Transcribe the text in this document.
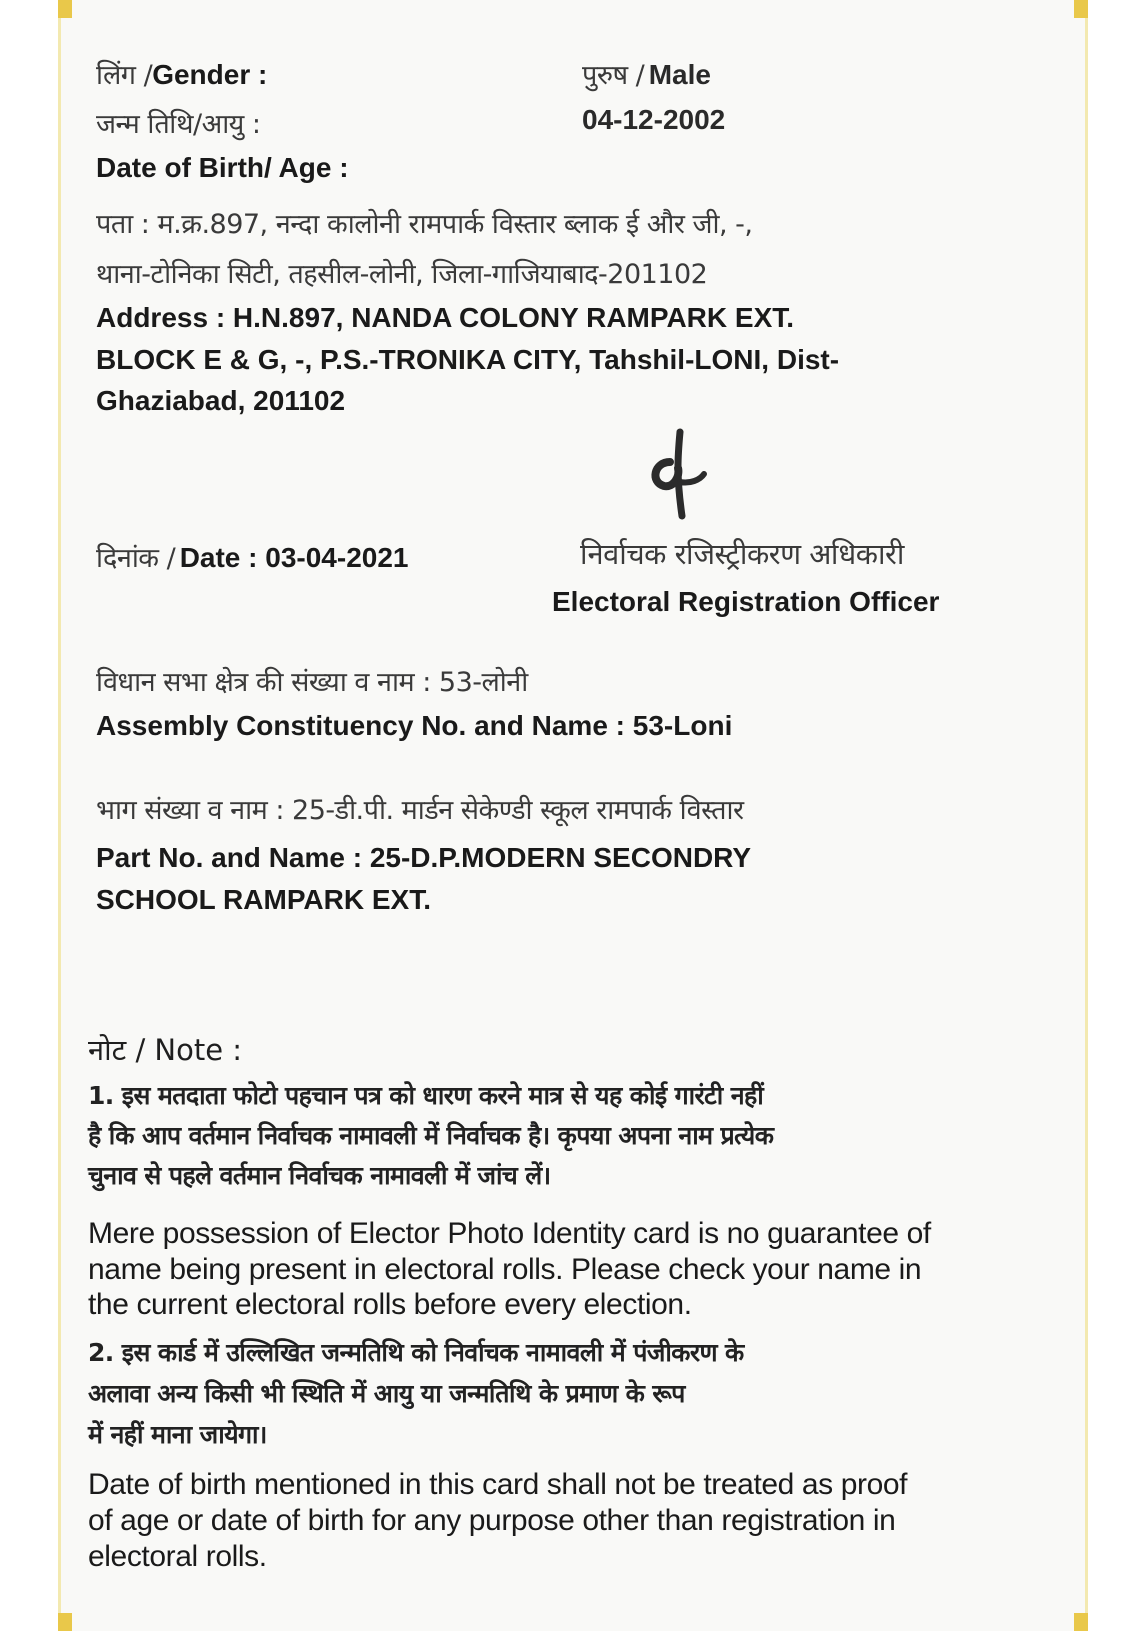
लिंग /Gender :	पुरुष / Male
जन्म तिथि/आयु :	04-12-2002
Date of Birth/ Age :
पता : म.क्र.897, नन्दा कालोनी रामपार्क विस्तार ब्लाक ई और जी, -,
थाना-टोनिका सिटी, तहसील-लोनी, जिला-गाजियाबाद-201102
Address : H.N.897, NANDA COLONY RAMPARK EXT.
BLOCK E & G, -, P.S.-TRONIKA CITY, Tahshil-LONI, Dist-
Ghaziabad, 201102
दिनांक / Date : 03-04-2021	निर्वाचक रजिस्ट्रीकरण अधिकारी
Electoral Registration Officer
विधान सभा क्षेत्र की संख्या व नाम : 53-लोनी
Assembly Constituency No. and Name : 53-Loni
भाग संख्या व नाम : 25-डी.पी. मार्डन सेकेण्डी स्कूल रामपार्क विस्तार
Part No. and Name : 25-D.P.MODERN SECONDRY
SCHOOL RAMPARK EXT.
नोट / Note :
1. इस मतदाता फोटो पहचान पत्र को धारण करने मात्र से यह कोई गारंटी नहीं
है कि आप वर्तमान निर्वाचक नामावली में निर्वाचक है। कृपया अपना नाम प्रत्येक
चुनाव से पहले वर्तमान निर्वाचक नामावली में जांच लें।
Mere possession of Elector Photo Identity card is no guarantee of
name being present in electoral rolls. Please check your name in
the current electoral rolls before every election.
2. इस कार्ड में उल्लिखित जन्मतिथि को निर्वाचक नामावली में पंजीकरण के
अलावा अन्य किसी भी स्थिति में आयु या जन्मतिथि के प्रमाण के रूप
में नहीं माना जायेगा।
Date of birth mentioned in this card shall not be treated as proof
of age or date of birth for any purpose other than registration in
electoral rolls.
